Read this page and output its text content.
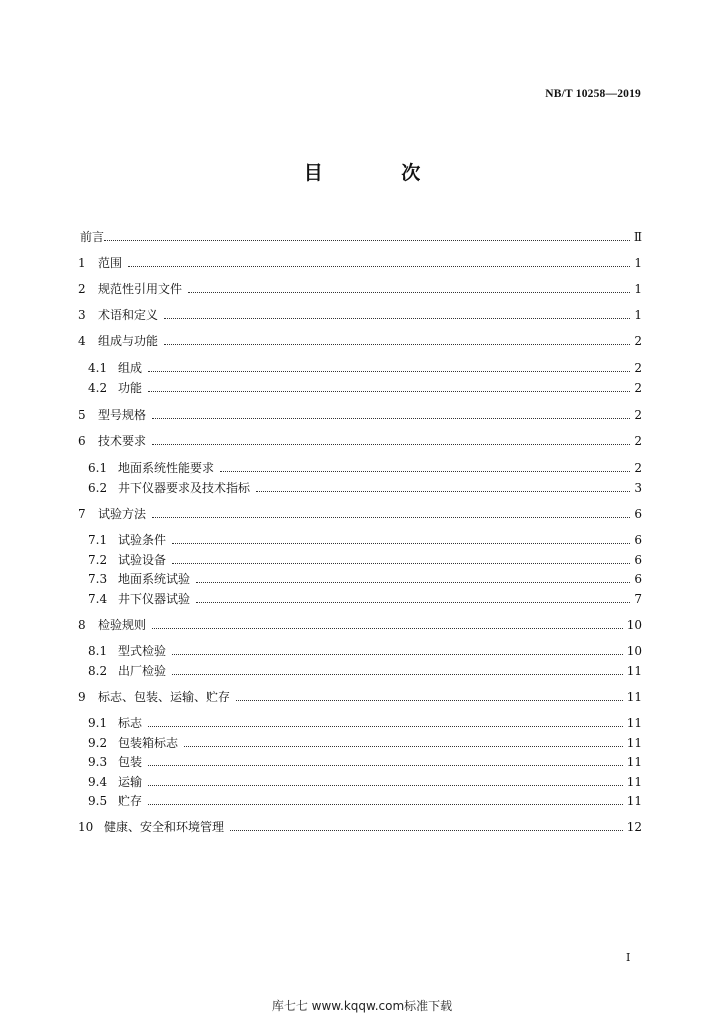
NB/T 10258—2019
目 次
前言	Ⅱ
1	范围	1
2	规范性引用文件	1
3	术语和定义	1
4	组成与功能	2
4.1 组成	2
4.2 功能	2
5	型号规格	2
6	技术要求	2
6.1 地面系统性能要求	2
6.2 井下仪器要求及技术指标	3
7	试验方法	6
7.1 试验条件	6
7.2 试验设备	6
7.3 地面系统试验	6
7.4 井下仪器试验	7
8	检验规则	10
8.1 型式检验	10
8.2 出厂检验	11
9	标志、包装、运输、贮存	11
9.1 标志	11
9.2 包装箱标志	11
9.3 包装	11
9.4 运输	11
9.5 贮存	11
10 健康、安全和环境管理	12
I
库七七 www.kqqw.com标准下载
